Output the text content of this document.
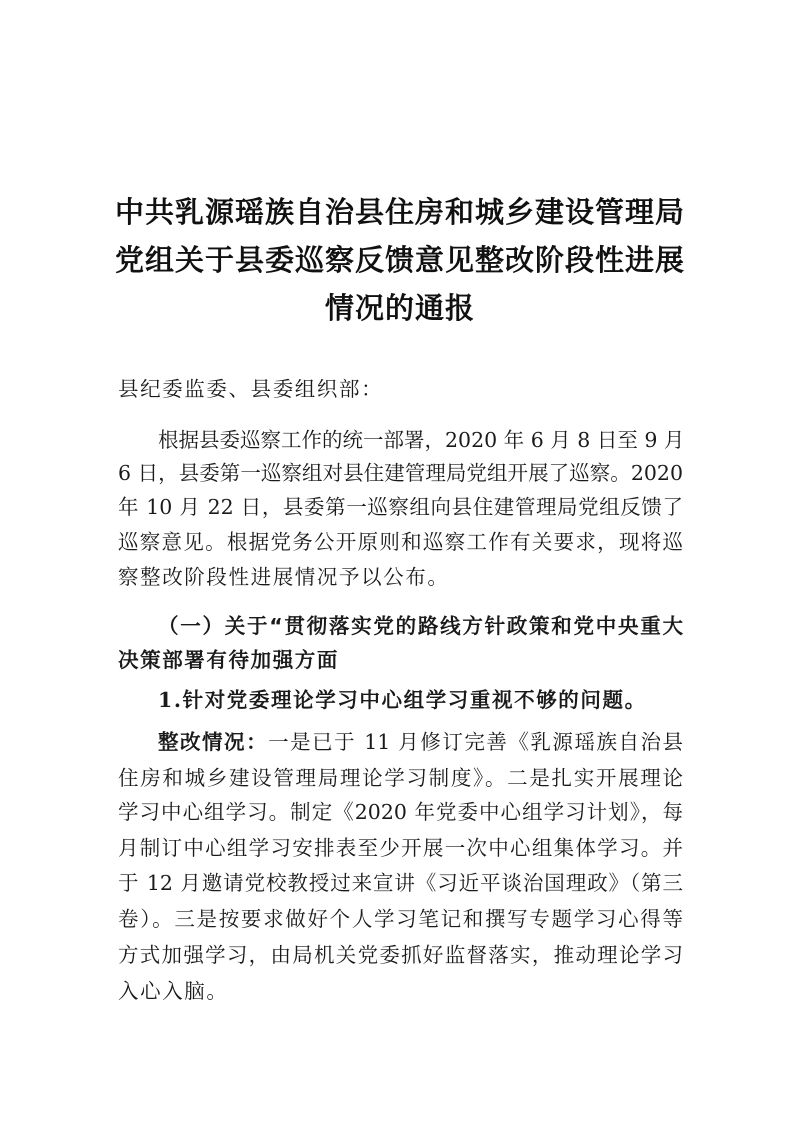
中共乳源瑶族自治县住房和城乡建设管理局
党组关于县委巡察反馈意见整改阶段性进展
情况的通报
县纪委监委、县委组织部：
根据县委巡察工作的统一部署，2020 年 6 月 8 日至 9 月
6 日，县委第一巡察组对县住建管理局党组开展了巡察。2020
年 10 月 22 日，县委第一巡察组向县住建管理局党组反馈了
巡察意见。根据党务公开原则和巡察工作有关要求，现将巡
察整改阶段性进展情况予以公布。
（一）关于“贯彻落实党的路线方针政策和党中央重大
决策部署有待加强方面
1.针对党委理论学习中心组学习重视不够的问题。
整改情况：一是已于 11 月修订完善《乳源瑶族自治县
住房和城乡建设管理局理论学习制度》。二是扎实开展理论
学习中心组学习。制定《2020 年党委中心组学习计划》，每
月制订中心组学习安排表至少开展一次中心组集体学习。并
于 12 月邀请党校教授过来宣讲《习近平谈治国理政》（第三
卷）。三是按要求做好个人学习笔记和撰写专题学习心得等
方式加强学习，由局机关党委抓好监督落实，推动理论学习
入心入脑。
